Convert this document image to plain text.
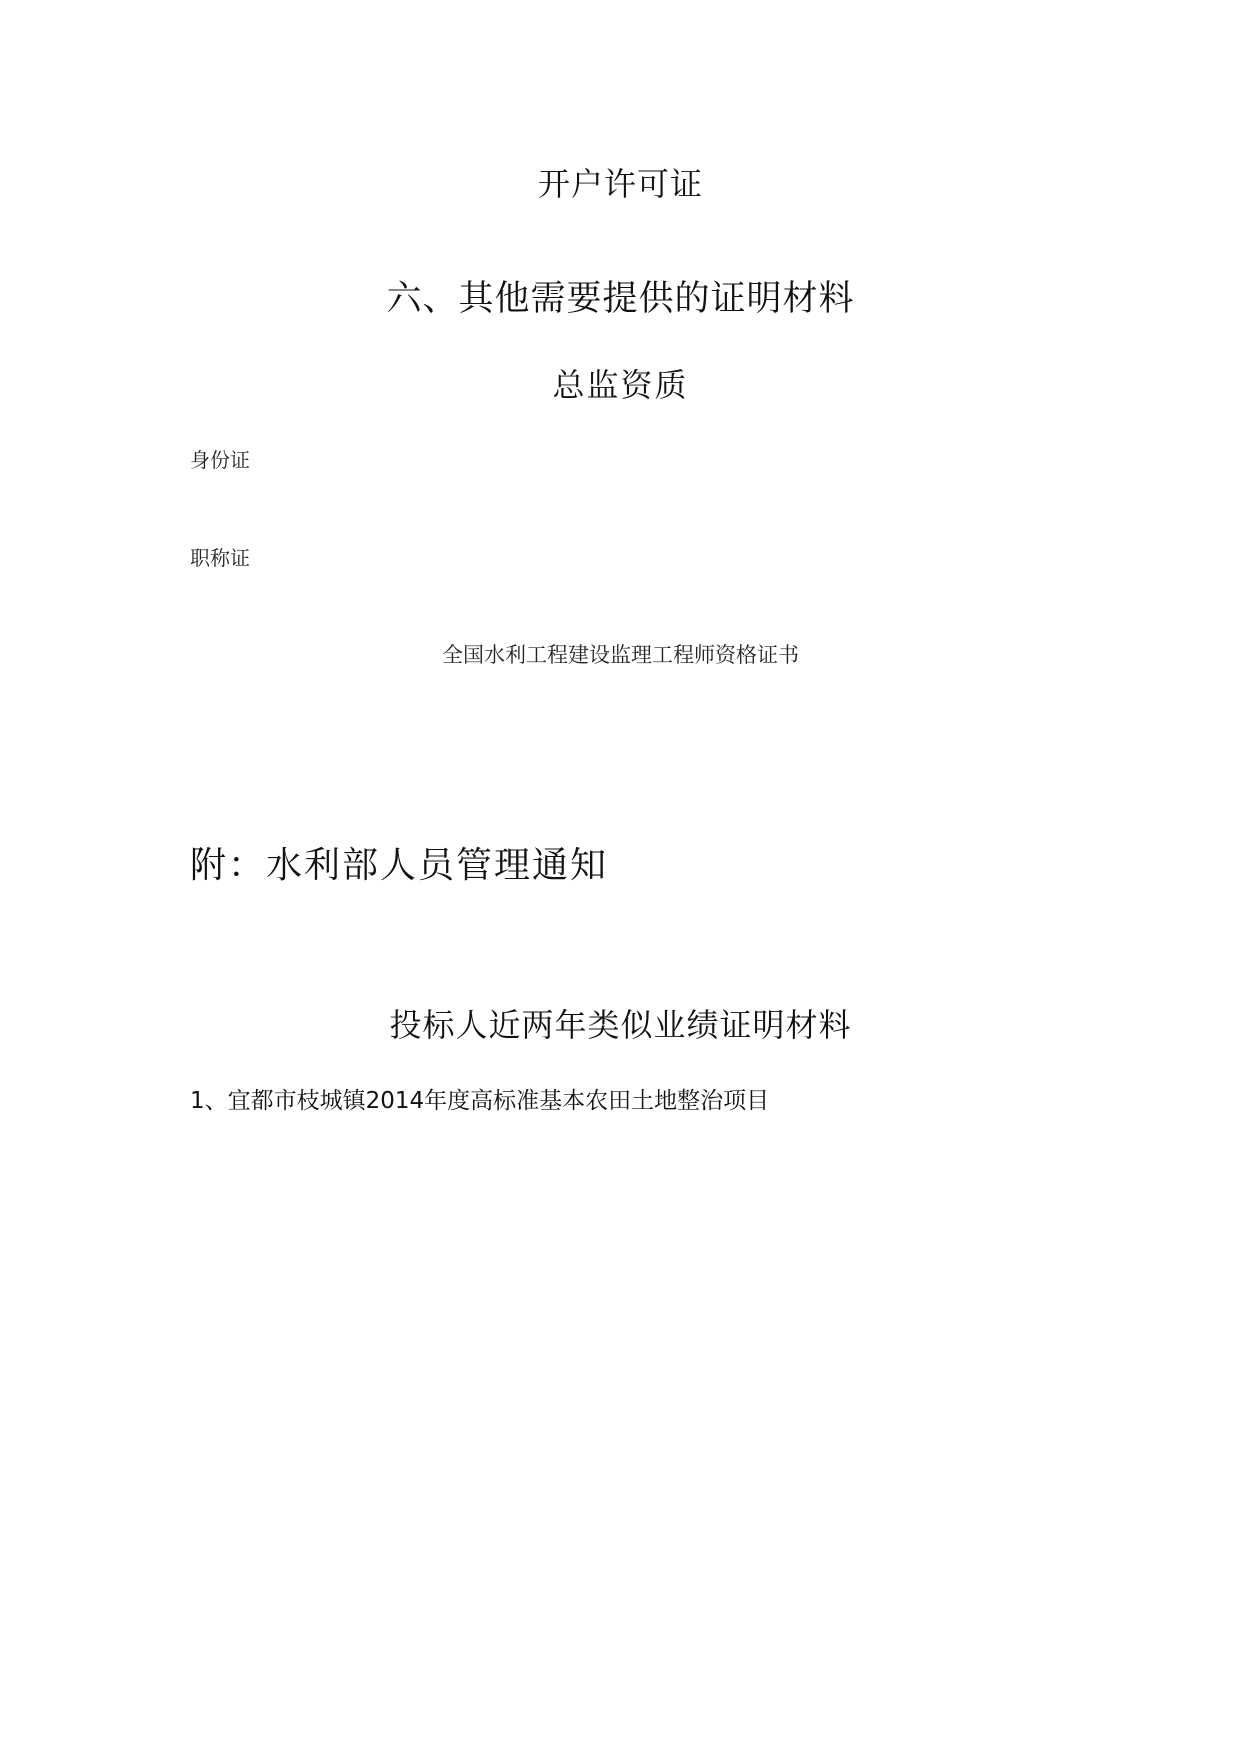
开户许可证
六、其他需要提供的证明材料
总监资质
身份证
职称证
全国水利工程建设监理工程师资格证书
附：水利部人员管理通知
投标人近两年类似业绩证明材料
1、宜都市枝城镇2014年度高标准基本农田土地整治项目
